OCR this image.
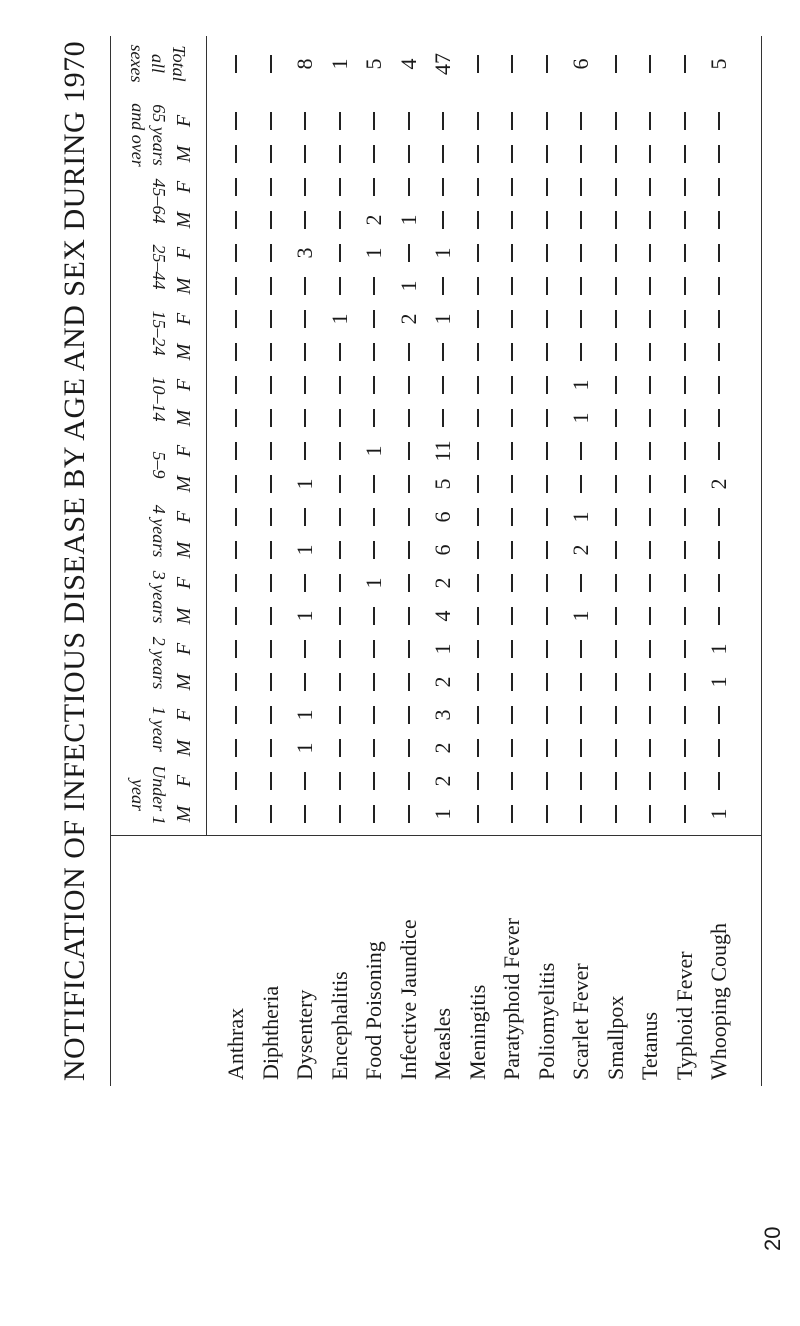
NOTIFICATION OF INFECTIOUS DISEASE BY AGE AND SEX DURING 1970	Anthrax Diphtheria Dysentery Encephalitis Food Poisoning Infective Jaundice Measles Meningitis Paratyphoid Fever Poliomyelitis Scarlet Fever Smallpox Tetanus Typhoid Fever Whooping Cough
Under 1 year
M
F
1 year M
F
2 years M
F
3 years M
F
4 years M
F
5–9
M
F
10–14 M
F
15–24 M
F
25–44 M
F
45–64 M
F
65 years and over	M
F
Total all sexes
1
1
1
1
1
3
8
1
1
1
1
1
2
5
2
1
1
4
1
2
2
3
2
1
4
2
6
6
5
11
1
1
47
1
2
1
1
1
6
1
1
1
2
5
20
